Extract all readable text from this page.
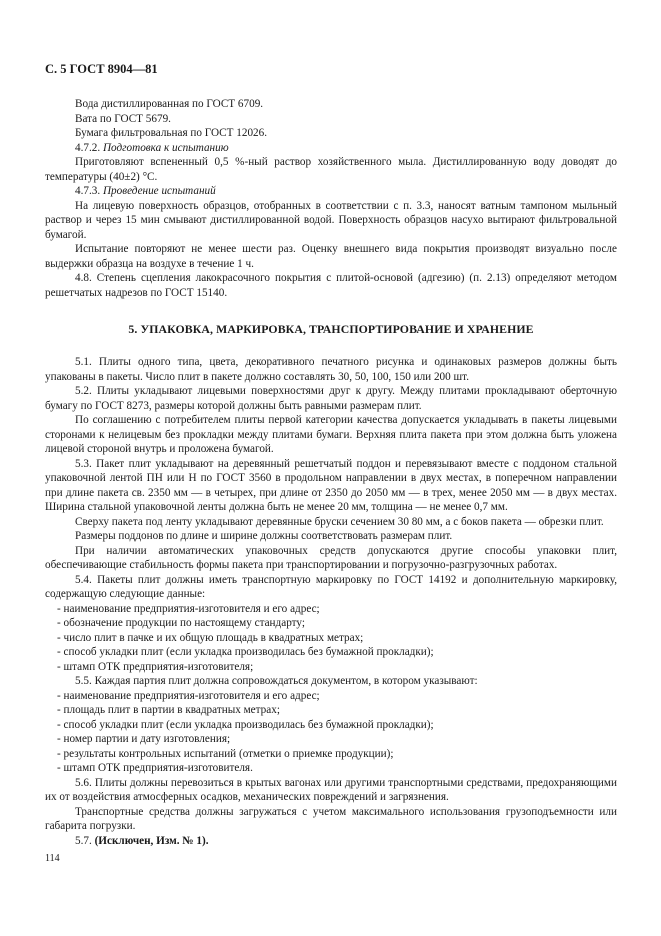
С. 5 ГОСТ 8904—81

Вода дистиллированная по ГОСТ 6709.

Вата по ГОСТ 5679.

Бумага фильтровальная по ГОСТ 12026.

4.7.2. Подготовка к испытанию

Приготовляют вспененный 0,5 %-ный раствор хозяйственного мыла. Дистиллированную воду доводят до температуры (40±2) °С.

4.7.3. Проведение испытаний

На лицевую поверхность образцов, отобранных в соответствии с п. 3.3, наносят ватным тампоном мыльный раствор и через 15 мин смывают дистиллированной водой. Поверхность образцов насухо вытирают фильтровальной бумагой.

Испытание повторяют не менее шести раз. Оценку внешнего вида покрытия производят визуально после выдержки образца на воздухе в течение 1 ч.

4.8. Степень сцепления лакокрасочного покрытия с плитой-основой (адгезию) (п. 2.13) определяют методом решетчатых надрезов по ГОСТ 15140.

5. УПАКОВКА, МАРКИРОВКА, ТРАНСПОРТИРОВАНИЕ И ХРАНЕНИЕ

5.1. Плиты одного типа, цвета, декоративного печатного рисунка и одинаковых размеров должны быть упакованы в пакеты. Число плит в пакете должно составлять 30, 50, 100, 150 или 200 шт.

5.2. Плиты укладывают лицевыми поверхностями друг к другу. Между плитами прокладывают оберточную бумагу по ГОСТ 8273, размеры которой должны быть равными размерам плит.

По соглашению с потребителем плиты первой категории качества допускается укладывать в пакеты лицевыми сторонами к нелицевым без прокладки между плитами бумаги. Верхняя плита пакета при этом должна быть уложена лицевой стороной внутрь и проложена бумагой.

5.3. Пакет плит укладывают на деревянный решетчатый поддон и перевязывают вместе с поддоном стальной упаковочной лентой ПН или Н по ГОСТ 3560 в продольном направлении в двух местах, в поперечном направлении при длине пакета св. 2350 мм — в четырех, при длине от 2350 до 2050 мм — в трех, менее 2050 мм — в двух местах. Ширина стальной упаковочной ленты должна быть не менее 20 мм, толщина — не менее 0,7 мм.

Сверху пакета под ленту укладывают деревянные бруски сечением 30 80 мм, а с боков пакета — обрезки плит.

Размеры поддонов по длине и ширине должны соответствовать размерам плит.

При наличии автоматических упаковочных средств допускаются другие способы упаковки плит, обеспечивающие стабильность формы пакета при транспортировании и погрузочно-разгрузочных работах.

5.4. Пакеты плит должны иметь транспортную маркировку по ГОСТ 14192 и дополнительную маркировку, содержащую следующие данные:

- наименование предприятия-изготовителя и его адрес;

- обозначение продукции по настоящему стандарту;

- число плит в пачке и их общую площадь в квадратных метрах;

- способ укладки плит (если укладка производилась без бумажной прокладки);

- штамп ОТК предприятия-изготовителя;

5.5. Каждая партия плит должна сопровождаться документом, в котором указывают:

- наименование предприятия-изготовителя и его адрес;

- площадь плит в партии в квадратных метрах;

- способ укладки плит (если укладка производилась без бумажной прокладки);

- номер партии и дату изготовления;

- результаты контрольных испытаний (отметки о приемке продукции);

- штамп ОТК предприятия-изготовителя.

5.6. Плиты должны перевозиться в крытых вагонах или другими транспортными средствами, предохраняющими их от воздействия атмосферных осадков, механических повреждений и загрязнения.

Транспортные средства должны загружаться с учетом максимального использования грузоподъемности или габарита погрузки.

5.7. (Исключен, Изм. № 1).

114
